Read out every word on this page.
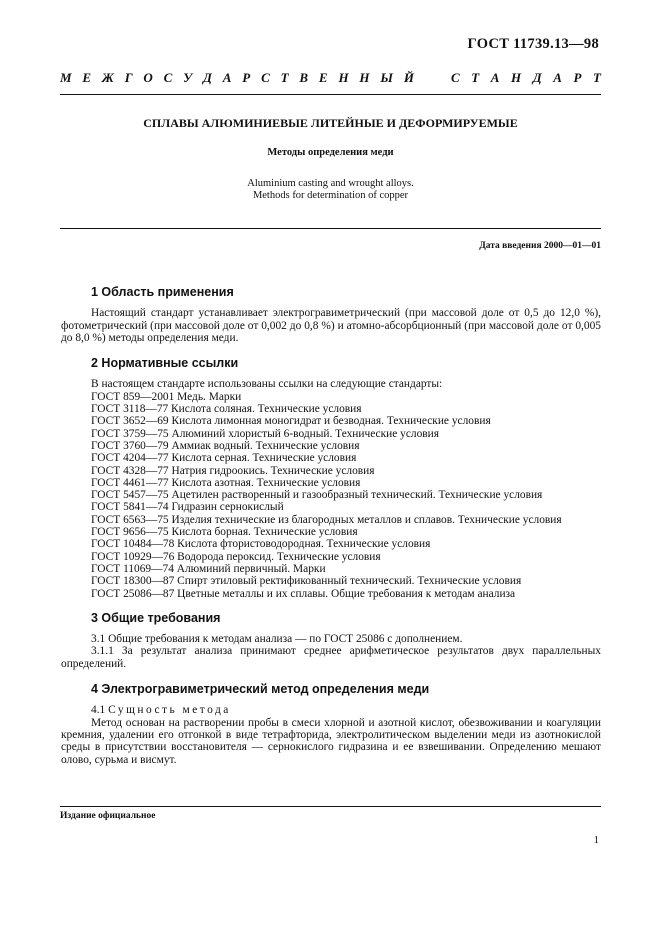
ГОСТ 11739.13—98
М Е Ж Г О С У Д А Р С Т В Е Н Н Ы Й	С Т А Н Д А Р Т
СПЛАВЫ АЛЮМИНИЕВЫЕ ЛИТЕЙНЫЕ И ДЕФОРМИРУЕМЫЕ
Методы определения меди
Aluminium casting and wrought alloys.
Methods for determination of copper
Дата введения 2000—01—01
1 Область применения
Настоящий стандарт устанавливает электрогравиметрический (при массовой доле от 0,5 до 12,0 %), фотометрический (при массовой доле от 0,002 до 0,8 %) и атомно-абсорбционный (при массовой доле от 0,005 до 8,0 %) методы определения меди.
2 Нормативные ссылки
В настоящем стандарте использованы ссылки на следующие стандарты:
ГОСТ 859—2001 Медь. Марки
ГОСТ 3118—77 Кислота соляная. Технические условия
ГОСТ 3652—69 Кислота лимонная моногидрат и безводная. Технические условия
ГОСТ 3759—75 Алюминий хлористый 6-водный. Технические условия
ГОСТ 3760—79 Аммиак водный. Технические условия
ГОСТ 4204—77 Кислота серная. Технические условия
ГОСТ 4328—77 Натрия гидроокись. Технические условия
ГОСТ 4461—77 Кислота азотная. Технические условия
ГОСТ 5457—75 Ацетилен растворенный и газообразный технический. Технические условия
ГОСТ 5841—74 Гидразин сернокислый
ГОСТ 6563—75 Изделия технические из благородных металлов и сплавов. Технические условия
ГОСТ 9656—75 Кислота борная. Технические условия
ГОСТ 10484—78 Кислота фтористоводородная. Технические условия
ГОСТ 10929—76 Водорода пероксид. Технические условия
ГОСТ 11069—74 Алюминий первичный. Марки
ГОСТ 18300—87 Спирт этиловый ректификованный технический. Технические условия
ГОСТ 25086—87 Цветные металлы и их сплавы. Общие требования к методам анализа
3 Общие требования
3.1 Общие требования к методам анализа — по ГОСТ 25086 с дополнением.
3.1.1 За результат анализа принимают среднее арифметическое результатов двух параллельных определений.
4 Электрогравиметрический метод определения меди
4.1 Сущность метода
Метод основан на растворении пробы в смеси хлорной и азотной кислот, обезвоживании и коагуляции кремния, удалении его отгонкой в виде тетрафторида, электролитическом выделении меди из азотнокислой среды в присутствии восстановителя — сернокислого гидразина и ее взвешивании. Определению мешают олово, сурьма и висмут.
Издание официальное
1
